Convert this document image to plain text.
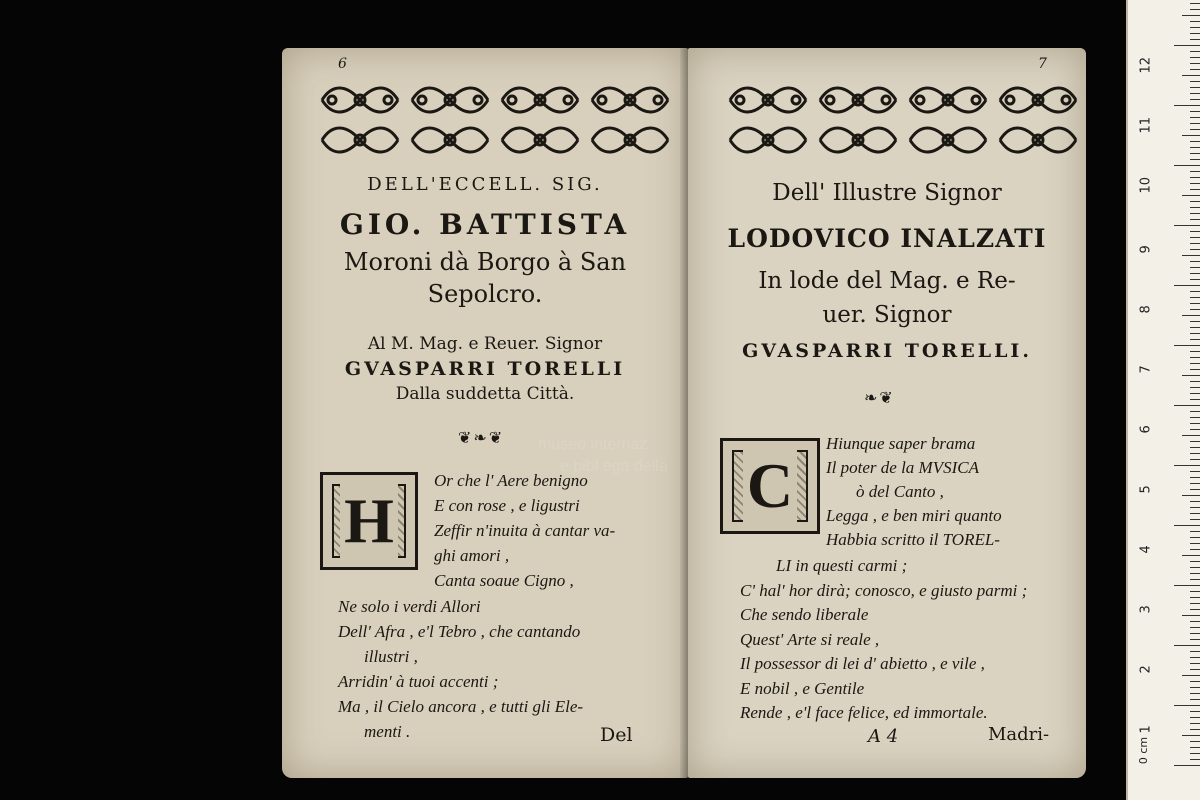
6
DELL'ECCELL. SIG.
GIO. BATTISTA
Moroni dà Borgo à San
Sepolcro.
Al M. Mag. e Reuer. Signor
GVASPARRI TORELLI
Dalla suddetta Città.
❦❧❦
H
Or che l' Aere benigno
E con rose , e ligustri
Zeffir n'inuita à cantar va-
ghi amori ,
Canta soaue Cigno ,
Ne solo i verdi Allori
Dell' Afra , e'l Tebro , che cantando
illustri ,
Arridin' à tuoi accenti ;
Ma , il Cielo ancora , e tutti gli Ele-
menti .	Del
7
Dell' Illustre Signor
LODOVICO INALZATI
In lode del Mag. e Re-
uer. Signor
GVASPARRI TORELLI.
❧❦
C
Hiunque saper brama
Il poter de la MVSICA
ò del Canto ,
Legga , e ben miri quanto
Habbia scritto il TOREL-
LI in questi carmi ;
C' hal' hor dirà; conosco, e giusto parmi ;
Che sendo liberale
Quest' Arte si reale ,
Il possessor di lei d' abietto , e vile ,
E nobil , e Gentile
Rende , e'l face felice, ed immortale.
A 4	Madri-
museo internaz
e bibl ega della
12
11
10
9
8
7
6
5
4
3
2
1
0 cm
